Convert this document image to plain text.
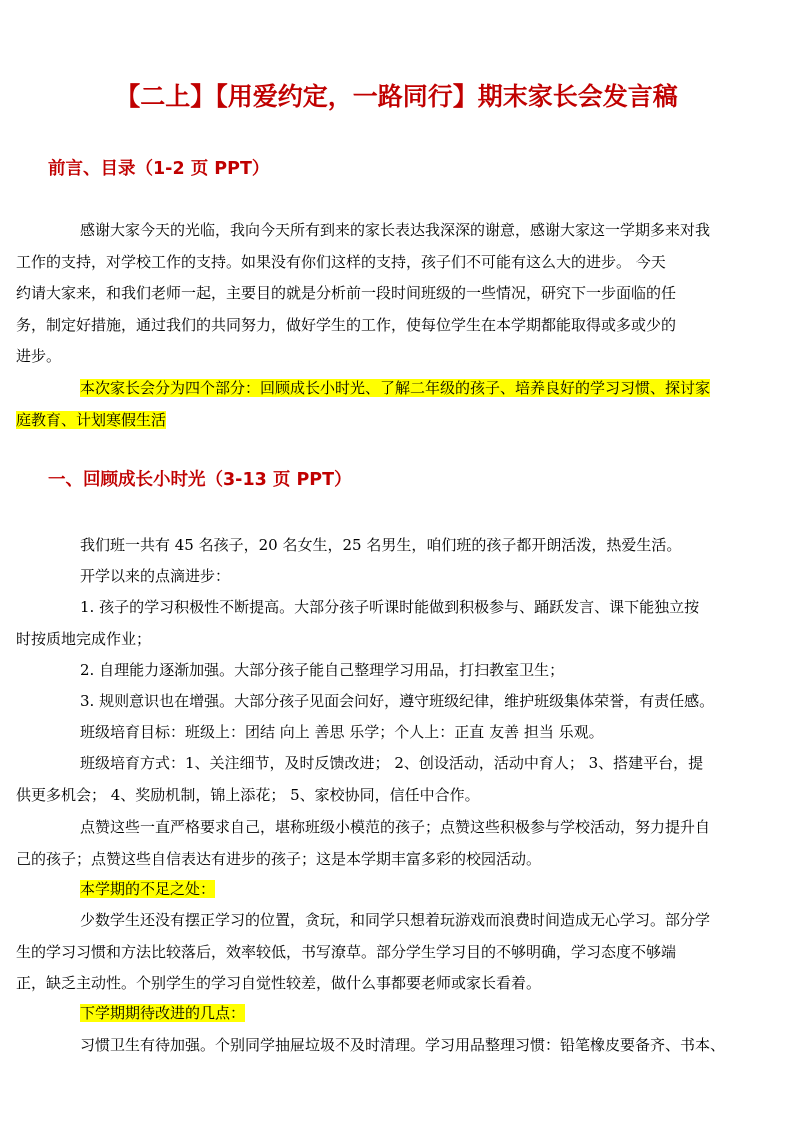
【二上】【用爱约定，一路同行】期末家长会发言稿
前言、目录（1-2 页 PPT）
感谢大家今天的光临，我向今天所有到来的家长表达我深深的谢意，感谢大家这一学期多来对我
工作的支持，对学校工作的支持。如果没有你们这样的支持，孩子们不可能有这么大的进步。 今天
约请大家来，和我们老师一起，主要目的就是分析前一段时间班级的一些情况，研究下一步面临的任
务，制定好措施，通过我们的共同努力，做好学生的工作，使每位学生在本学期都能取得或多或少的
进步。
本次家长会分为四个部分：回顾成长小时光、了解二年级的孩子、培养良好的学习习惯、探讨家
庭教育、计划寒假生活
一、回顾成长小时光（3-13 页 PPT）
我们班一共有 45 名孩子，20 名女生，25 名男生，咱们班的孩子都开朗活泼，热爱生活。
开学以来的点滴进步：
1. 孩子的学习积极性不断提高。大部分孩子听课时能做到积极参与、踊跃发言、课下能独立按
时按质地完成作业；
2. 自理能力逐渐加强。大部分孩子能自己整理学习用品，打扫教室卫生；
3. 规则意识也在增强。大部分孩子见面会问好，遵守班级纪律，维护班级集体荣誉，有责任感。
班级培育目标：班级上：团结 向上 善思 乐学；个人上：正直 友善 担当 乐观。
班级培育方式：1、关注细节，及时反馈改进； 2、创设活动，活动中育人； 3、搭建平台，提
供更多机会； 4、奖励机制，锦上添花； 5、家校协同，信任中合作。
点赞这些一直严格要求自己，堪称班级小模范的孩子；点赞这些积极参与学校活动，努力提升自
己的孩子；点赞这些自信表达有进步的孩子；这是本学期丰富多彩的校园活动。
本学期的不足之处：
少数学生还没有摆正学习的位置，贪玩，和同学只想着玩游戏而浪费时间造成无心学习。部分学
生的学习习惯和方法比较落后，效率较低，书写潦草。部分学生学习目的不够明确，学习态度不够端
正，缺乏主动性。个别学生的学习自觉性较差，做什么事都要老师或家长看着。
下学期期待改进的几点：
习惯卫生有待加强。个别同学抽屉垃圾不及时清理。学习用品整理习惯：铅笔橡皮要备齐、书本、
